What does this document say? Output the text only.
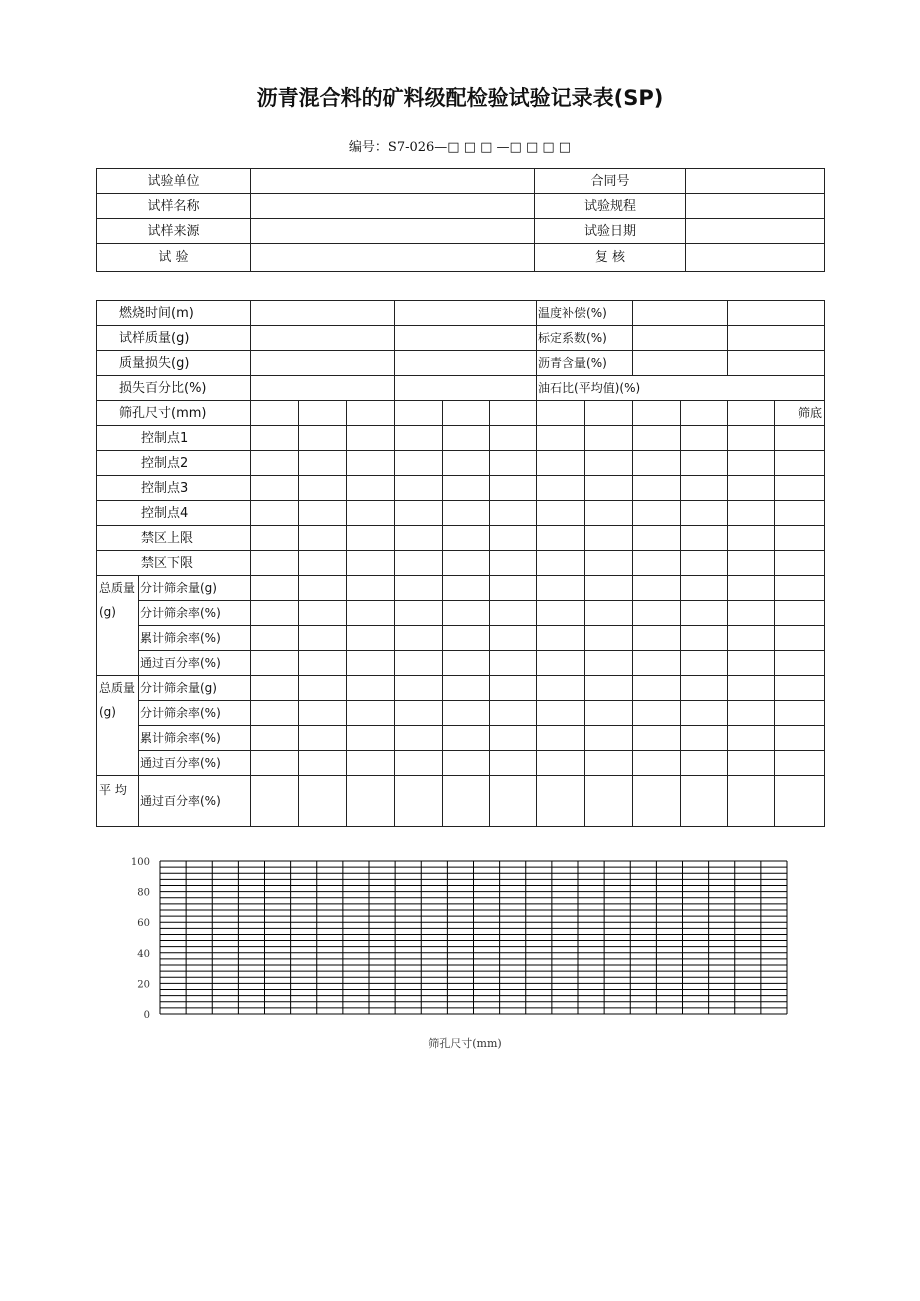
沥青混合料的矿料级配检验试验记录表(SP)
编号：S7-026—□ □ □ —□ □ □ □
试验单位		合同号	
试样名称		试验规程	
试样来源		试验日期	
试 验		复 核	
燃烧时间(m)								温度补偿(%)					
试样质量(g)								标定系数(%)					
质量损失(g)								沥青含量(%)					
损失百分比(%)								油石比(平均值)(%)					
筛孔尺寸(mm)													筛底
控制点1													
控制点2													
控制点3													
控制点4													
禁区上限													
禁区下限													
总质量(g)	分计筛余量(g)												
	分计筛余率(%)												
	累计筛余率(%)												
	通过百分率(%)												
总质量(g)	分计筛余量(g)												
	分计筛余率(%)												
	累计筛余率(%)												
	通过百分率(%)												
平 均	通过百分率(%)												
0
20
40
60
80
100
筛孔尺寸(mm)
